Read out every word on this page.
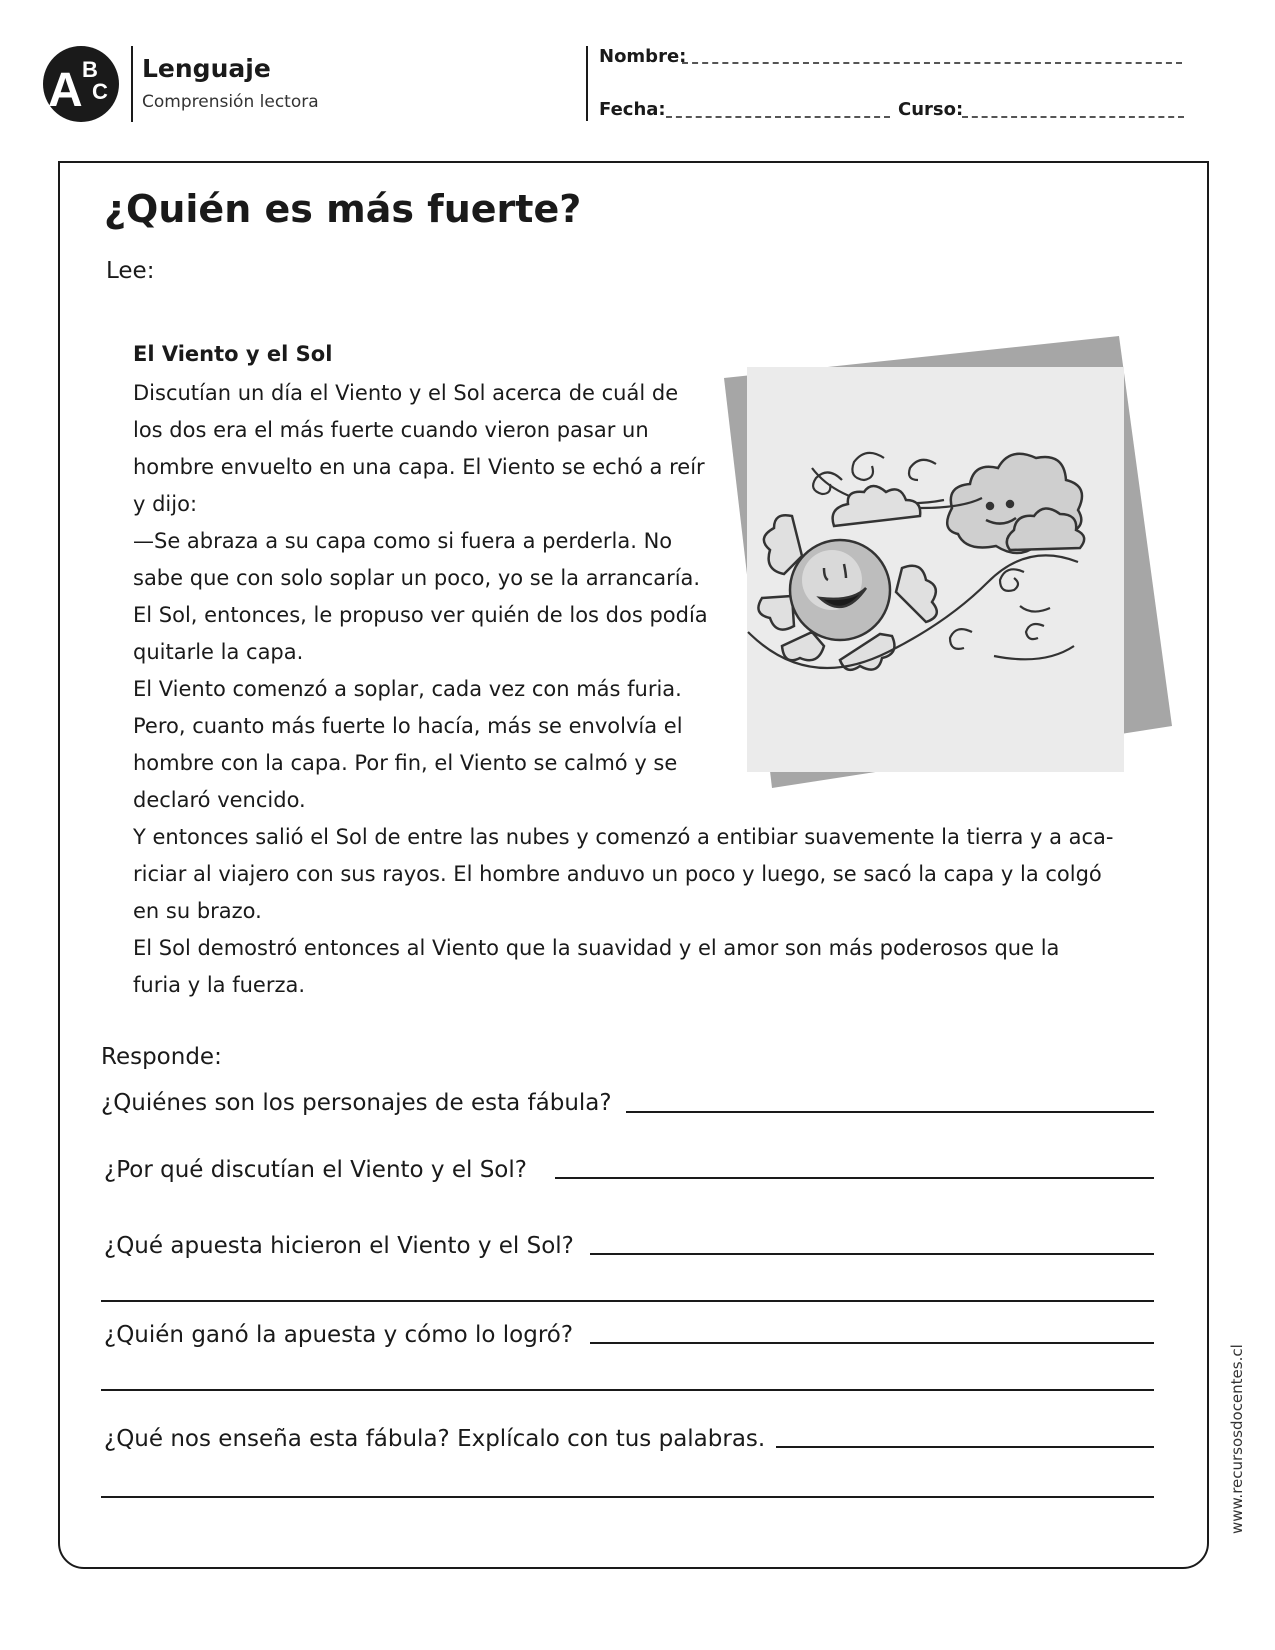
A B
C
Lenguaje
Comprensión lectora
Nombre:
Fecha:	Curso:
¿Quién es más fuerte?
Lee:
El Viento y el Sol
Discutían un día el Viento y el Sol acerca de cuál de
los dos era el más fuerte cuando vieron pasar un
hombre envuelto en una capa. El Viento se echó a reír
y dijo:
—Se abraza a su capa como si fuera a perderla. No
sabe que con solo soplar un poco, yo se la arrancaría.
El Sol, entonces, le propuso ver quién de los dos podía
quitarle la capa.
El Viento comenzó a soplar, cada vez con más furia.
Pero, cuanto más fuerte lo hacía, más se envolvía el
hombre con la capa. Por fin, el Viento se calmó y se
declaró vencido.
Y entonces salió el Sol de entre las nubes y comenzó a entibiar suavemente la tierra y a aca-
riciar al viajero con sus rayos. El hombre anduvo un poco y luego, se sacó la capa y la colgó
en su brazo.
El Sol demostró entonces al Viento que la suavidad y el amor son más poderosos que la
furia y la fuerza.
Responde:
¿Quiénes son los personajes de esta fábula?
¿Por qué discutían el Viento y el Sol?
¿Qué apuesta hicieron el Viento y el Sol?
¿Quién ganó la apuesta y cómo lo logró?
¿Qué nos enseña esta fábula? Explícalo con tus palabras.	www.recursosdocentes.cl
